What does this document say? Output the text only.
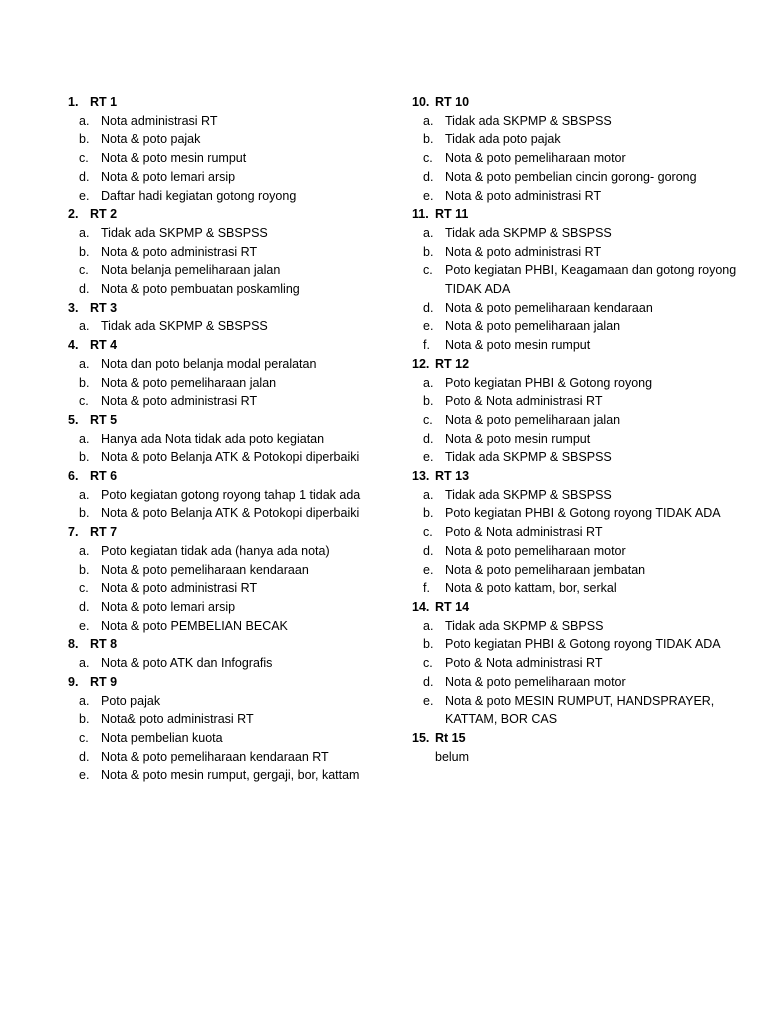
1. RT 1
a. Nota administrasi RT
b. Nota & poto pajak
c. Nota & poto mesin rumput
d. Nota & poto lemari arsip
e. Daftar hadi kegiatan gotong royong
2. RT 2
a. Tidak ada SKPMP & SBSPSS
b. Nota & poto administrasi RT
c. Nota belanja pemeliharaan jalan
d. Nota & poto pembuatan poskamling
3. RT 3
a. Tidak ada SKPMP & SBSPSS
4. RT 4
a. Nota dan poto belanja modal peralatan
b. Nota & poto pemeliharaan jalan
c. Nota & poto administrasi RT
5. RT 5
a. Hanya ada Nota tidak ada poto kegiatan
b. Nota & poto Belanja ATK & Potokopi diperbaiki
6. RT 6
a. Poto kegiatan gotong royong tahap 1 tidak ada
b. Nota & poto Belanja ATK & Potokopi diperbaiki
7. RT 7
a. Poto kegiatan tidak ada (hanya ada nota)
b. Nota & poto pemeliharaan kendaraan
c. Nota & poto administrasi RT
d. Nota & poto lemari arsip
e. Nota & poto PEMBELIAN BECAK
8. RT 8
a. Nota & poto ATK dan Infografis
9. RT 9
a. Poto pajak
b. Nota& poto administrasi RT
c. Nota pembelian kuota
d. Nota & poto pemeliharaan kendaraan RT
e. Nota & poto mesin rumput, gergaji, bor, kattam
10. RT 10
a. Tidak ada SKPMP & SBSPSS
b. Tidak ada poto pajak
c. Nota & poto pemeliharaan motor
d. Nota & poto pembelian cincin gorong- gorong
e. Nota & poto administrasi RT
11. RT 11
a. Tidak ada SKPMP & SBSPSS
b. Nota & poto administrasi RT
c. Poto kegiatan PHBI, Keagamaan dan gotong royong TIDAK ADA
d. Nota & poto pemeliharaan kendaraan
e. Nota & poto pemeliharaan jalan
f.	Nota & poto mesin rumput
12. RT 12
a. Poto kegiatan PHBI & Gotong royong
b. Poto & Nota administrasi RT
c. Nota & poto pemeliharaan jalan
d. Nota & poto mesin rumput
e. Tidak ada SKPMP & SBSPSS
13. RT 13
a. Tidak ada SKPMP & SBSPSS
b. Poto kegiatan PHBI & Gotong royong TIDAK ADA
c. Poto & Nota administrasi RT
d. Nota & poto pemeliharaan motor
e. Nota & poto pemeliharaan jembatan
f.	Nota & poto kattam, bor, serkal
14. RT 14
a. Tidak ada SKPMP & SBPSS
b. Poto kegiatan PHBI & Gotong royong TIDAK ADA
c. Poto & Nota administrasi RT
d. Nota & poto pemeliharaan motor
e. Nota & poto MESIN RUMPUT, HANDSPRAYER, KATTAM, BOR CAS
15. Rt 15
belum
